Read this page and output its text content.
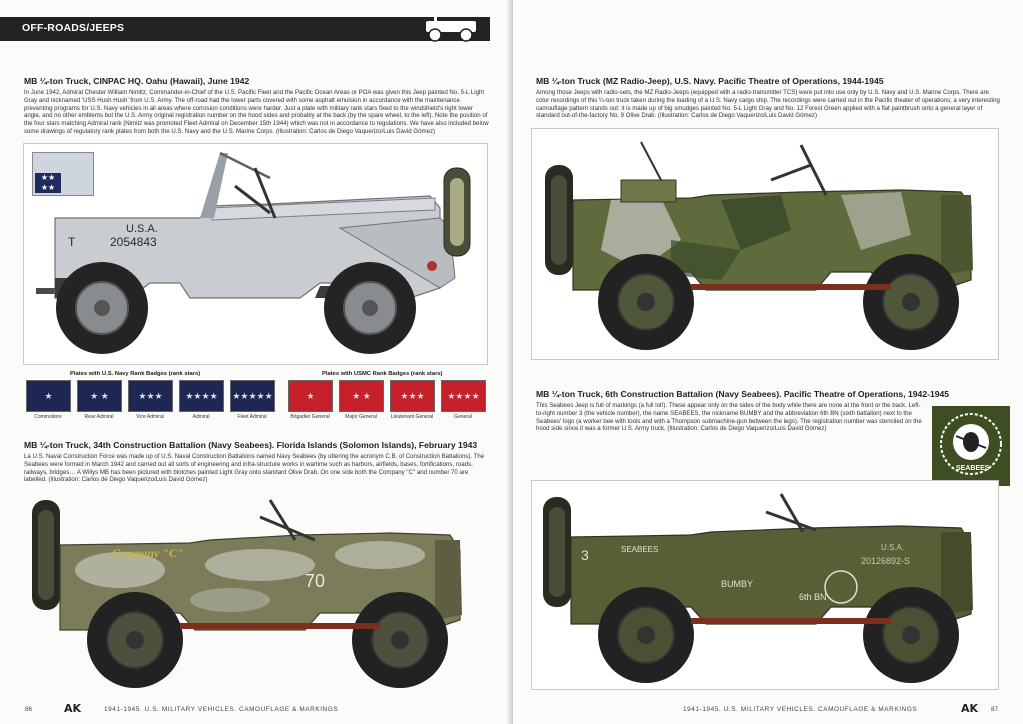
OFF-ROADS/JEEPS
MB ¼-ton Truck, CINPAC HQ. Oahu (Hawaii), June 1942

In June 1942, Admiral Chester William Nimitz, Commander-in-Chief of the U.S. Pacific Fleet and the Pacific Ocean Areas or POA was given this Jeep painted No. 5-L Light Gray and nicknamed 'USS Hush Hush' from U.S. Army. The off-road had the lower parts covered with some asphalt emulsion in accordance with the maintenance preventing programs for U.S. Navy vehicles in all areas where corrosion conditions were harder. Just a plate with military rank stars fixed to the windshield's right lower angle, and no other emblems but the U.S. Army original registration number on the hood sides and probably at the back (by the spare wheel, to the left). Note the position of the four stars matching Admiral rank (Nimitz was promoted Fleet Admiral on December 15th 1944) which was not in accordance to regulations. We have also included below some drawings of regulatory rank plates from both the U.S. Navy and the U.S. Marine Corps. (Illustration: Carlos de Diego Vaquerizo/Luis David Gómez)

★★
★★
U.S.A.
2054843
T
Plates with U.S. Navy Rank Badges (rank stars)	Plates with USMC Rank Badges (rank stars)
★	★ ★	★★★	★★★★	★★★★★	★	★ ★	★★★	★★★★
Commodore	Rear Admiral	Vice Admiral	Admiral	Fleet Admiral	Brigadier General	Major General	Lieutenant General	General
MB ¼-ton Truck, 34th Construction Battalion (Navy Seabees). Florida Islands (Solomon Islands), February 1943

La U.S. Naval Construction Force was made up of U.S. Naval Construction Battalions named Navy Seabees (by uttering the acronym C.B. of Construction Battalions). The Seabees were formed in March 1942 and carried out all sorts of engineering and infra-structure works in wartime such as harbors, airfields, bases, fortifications, roads, railways, bridges… A Willys MB has been pictured with blotches painted Light Gray onto standard Olive Drab. On one side both the Company "C" and number 70 are labelled. (Illustration: Carlos de Diego Vaquerizo/Luis David Gómez)

Company "C"
70
86	AK	1941-1945. U.S. MILITARY VEHICLES. CAMOUFLAGE & MARKINGS
MB ¼-ton Truck (MZ Radio-Jeep), U.S. Navy. Pacific Theatre of Operations, 1944-1945

Among those Jeeps with radio-sets, the MZ Radio-Jeeps (equipped with a radio-transmitter TCS) were put into use only by U.S. Navy and U.S. Marine Corps. There are color recordings of this ¼-ton truck taken during the loading of a U.S. Navy cargo ship. The recordings were carried out in the Pacific theater of operations; a very interesting camouflage pattern stands out: it is made up of big smudges painted No. 5-L Light Gray and No. 12 Forest Green applied with a flat paintbrush onto a general layer of standard out-of-the-factory No. 9 Olive Drab. (Illustration: Carlos de Diego Vaquerizo/Luis David Gómez)

MB ¼-ton Truck, 6th Construction Battalion (Navy Seabees). Pacific Theatre of Operations, 1942-1945

This Seabees Jeep is full of markings (a full lot!). These appear only on the sides of the body while there are none at the front or the back. Left-to-right number 3 (the vehicle number), the name SEABEES, the nickname BUMBY and the abbreviation 6th BN (sixth battalion) next to the Seabees' logo (a worker bee with tools and with a Thompson submachine-gun between the legs). The registration number was stenciled on the hood side since it was a former U.S. Army truck. (Illustration: Carlos de Diego Vaquerizo/Luis David Gómez)

SEABEES
3	SEABEES
BUMBY
6th BN
U.S.A.
20126892-S
1941-1945. U.S. MILITARY VEHICLES. CAMOUFLAGE & MARKINGS	AK 87
